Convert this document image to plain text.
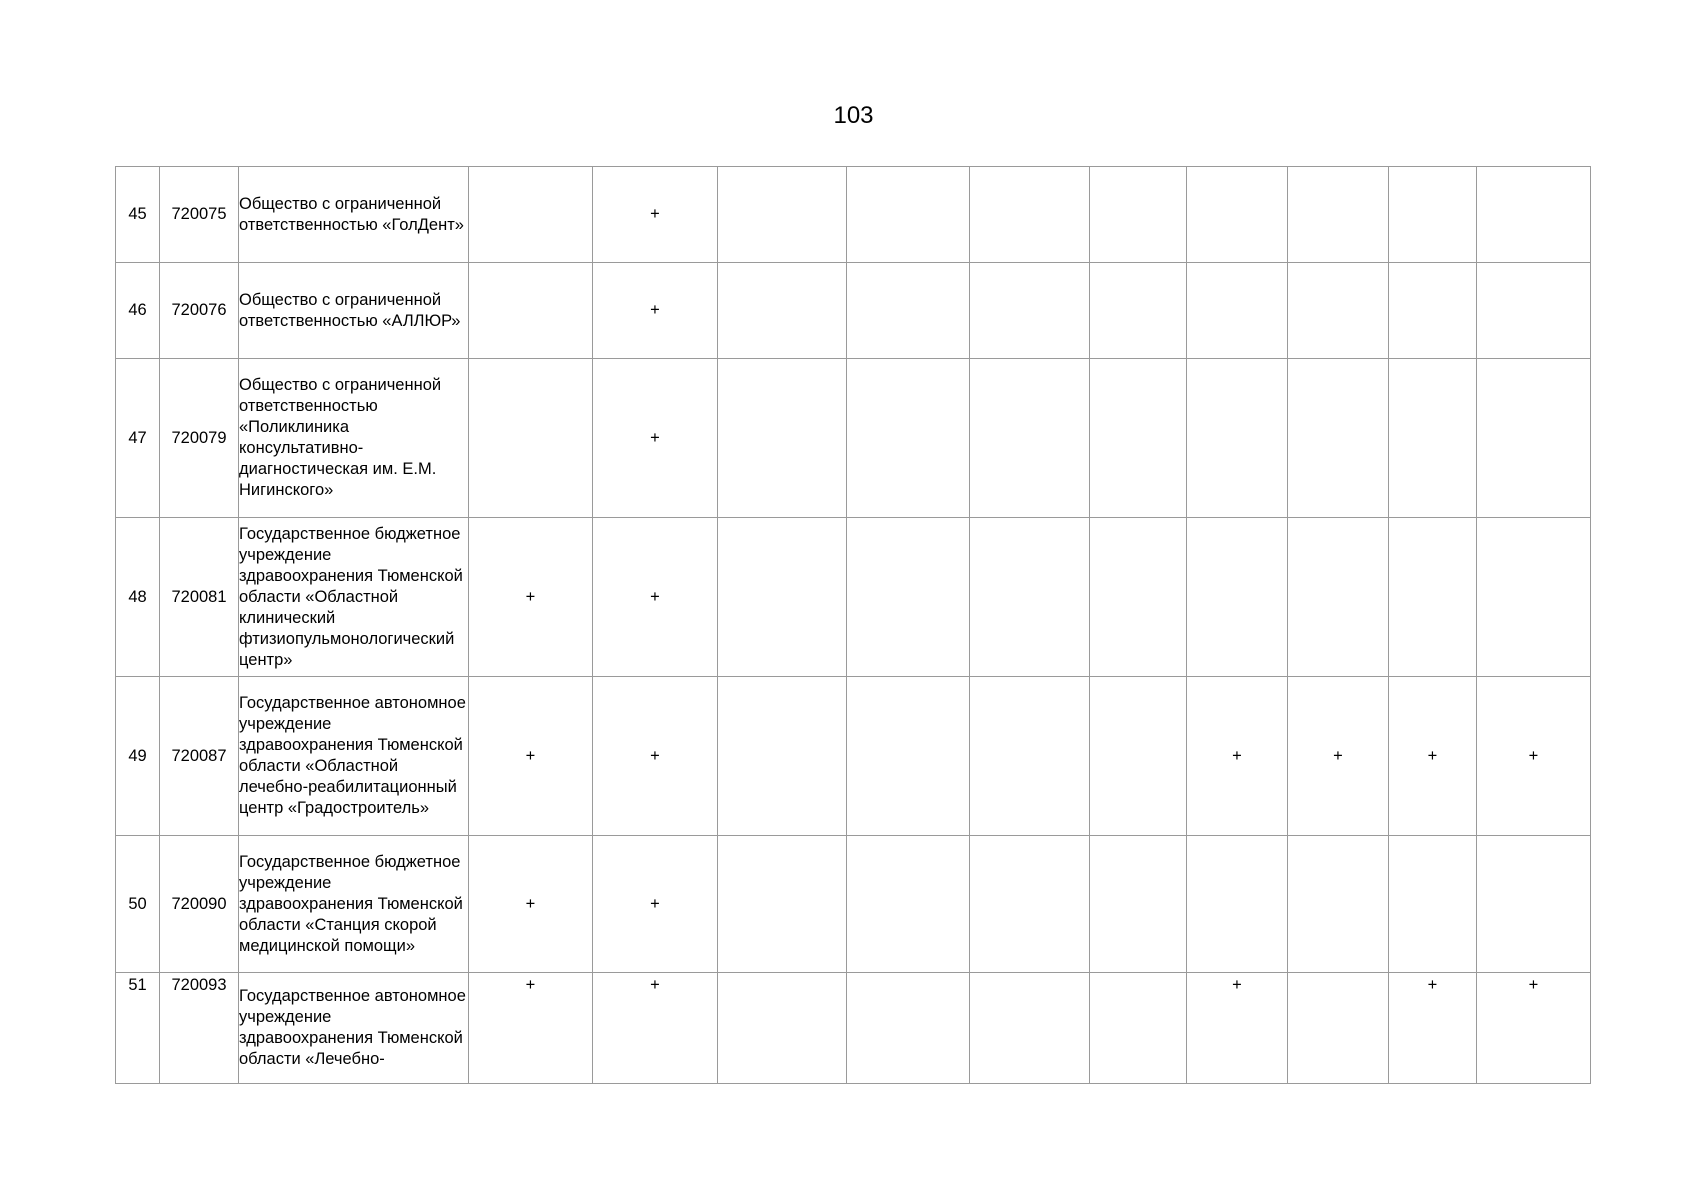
103
45	720075	Общество с ограниченной ответственностью «ГолДент»		+								
46	720076	Общество с ограниченной ответственностью «АЛЛЮР»		+								
47	720079	Общество с ограниченной ответственностью «Поликлиника консультативно-диагностическая им. Е.М. Нигинского»		+								
48	720081	Государственное бюджетное учреждение здравоохранения Тюменской области «Областной клинический фтизиопульмонологический центр»	+	+								
49	720087	Государственное автономное учреждение здравоохранения Тюменской области «Областной лечебно-реабилитационный центр «Градостроитель»	+	+					+	+	+	+
50	720090	Государственное бюджетное учреждение здравоохранения Тюменской области «Станция скорой медицинской помощи»	+	+								
51	720093	Государственное автономное учреждение здравоохранения Тюменской области «Лечебно-	+	+					+		+	+
